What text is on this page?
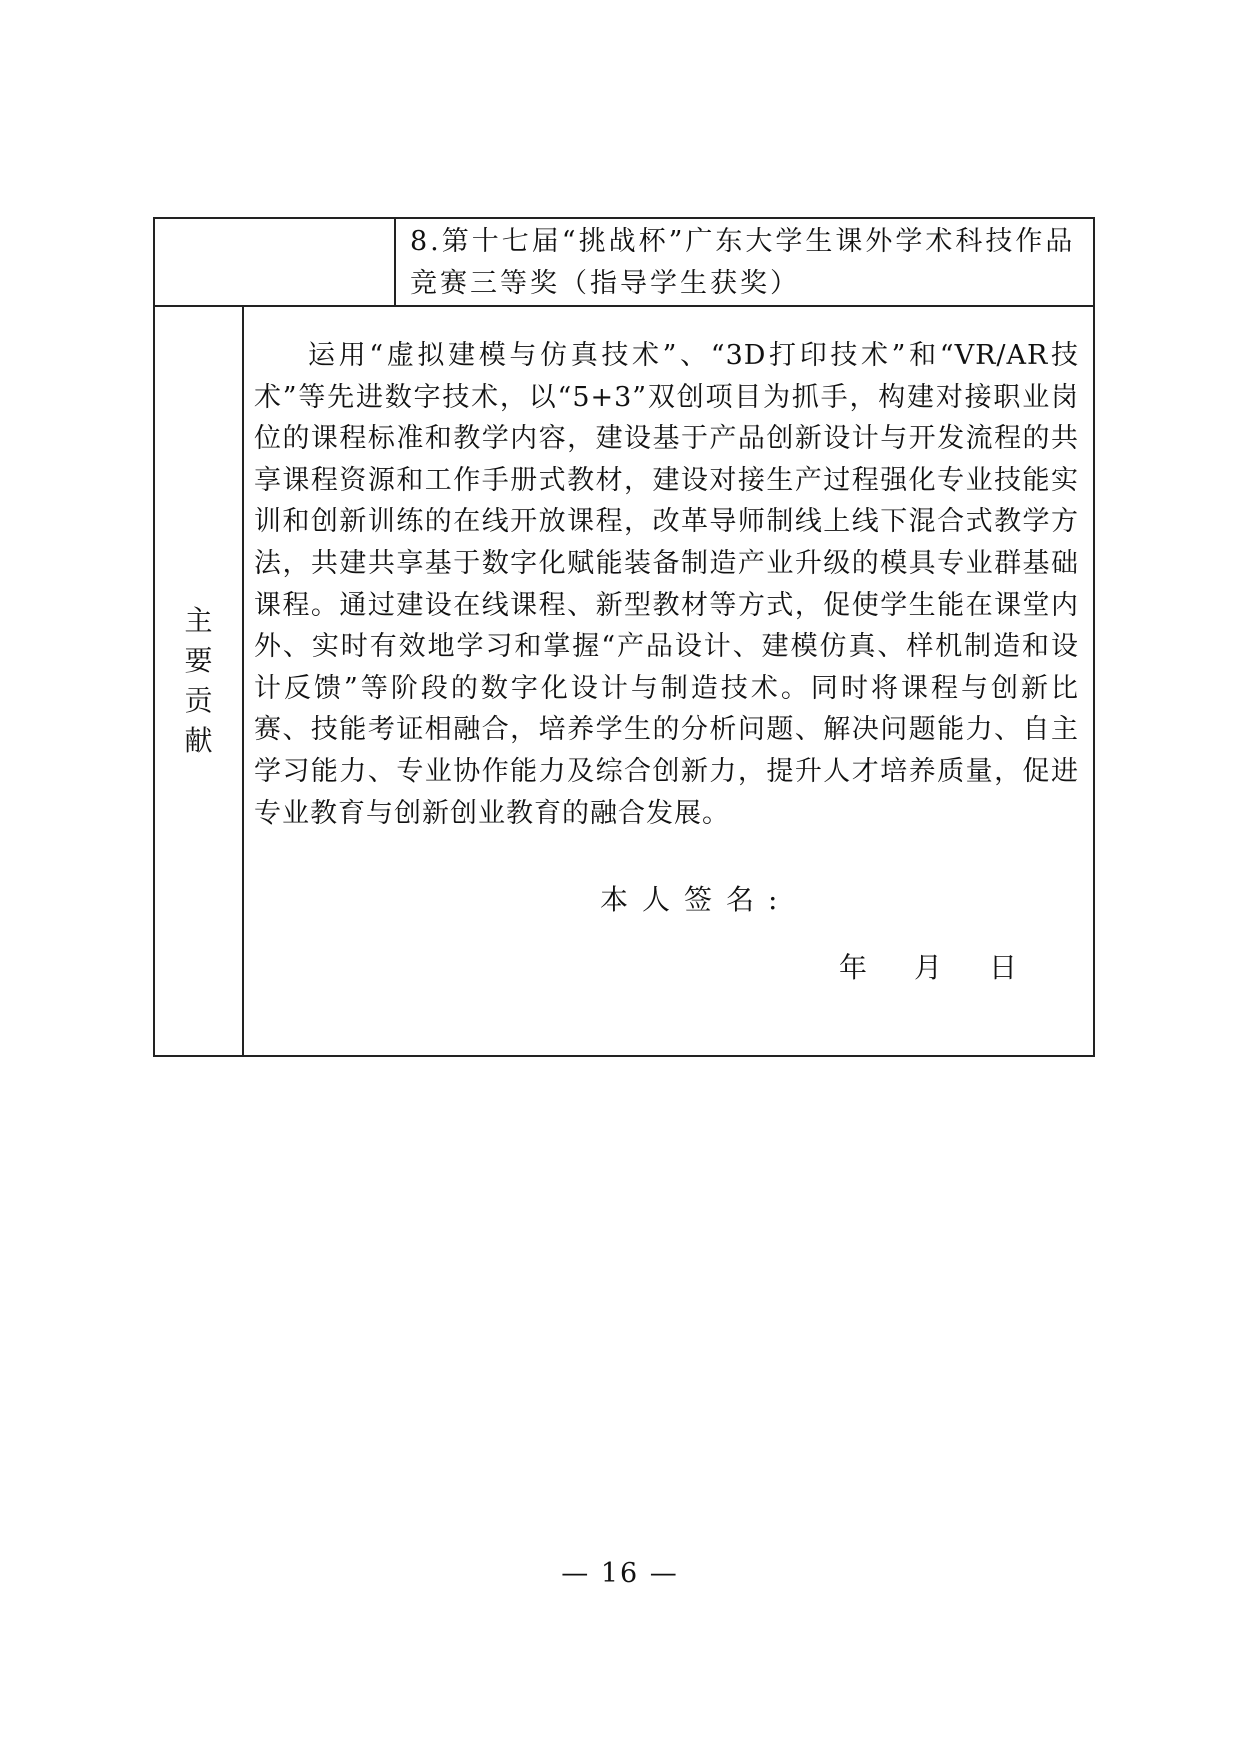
		8.第十七届“挑战杯”广东大学生课外学术科技作品竞赛三等奖（指导学生获奖）

主要贡献	运用“虚拟建模与仿真技术”、“3D打印技术”和“VR/AR技术”等先进数字技术，以“5+3”双创项目为抓手，构建对接职业岗位的课程标准和教学内容，建设基于产品创新设计与开发流程的共享课程资源和工作手册式教材，建设对接生产过程强化专业技能实训和创新训练的在线开放课程，改革导师制线上线下混合式教学方法，共建共享基于数字化赋能装备制造产业升级的模具专业群基础课程。通过建设在线课程、新型教材等方式，促使学生能在课堂内外、实时有效地学习和掌握“产品设计、建模仿真、样机制造和设计反馈”等阶段的数字化设计与制造技术。同时将课程与创新比赛、技能考证相融合，培养学生的分析问题、解决问题能力、自主学习能力、专业协作能力及综合创新力，提升人才培养质量，促进专业教育与创新创业教育的融合发展。

本人签名:
年 月 日	
— 16 —
